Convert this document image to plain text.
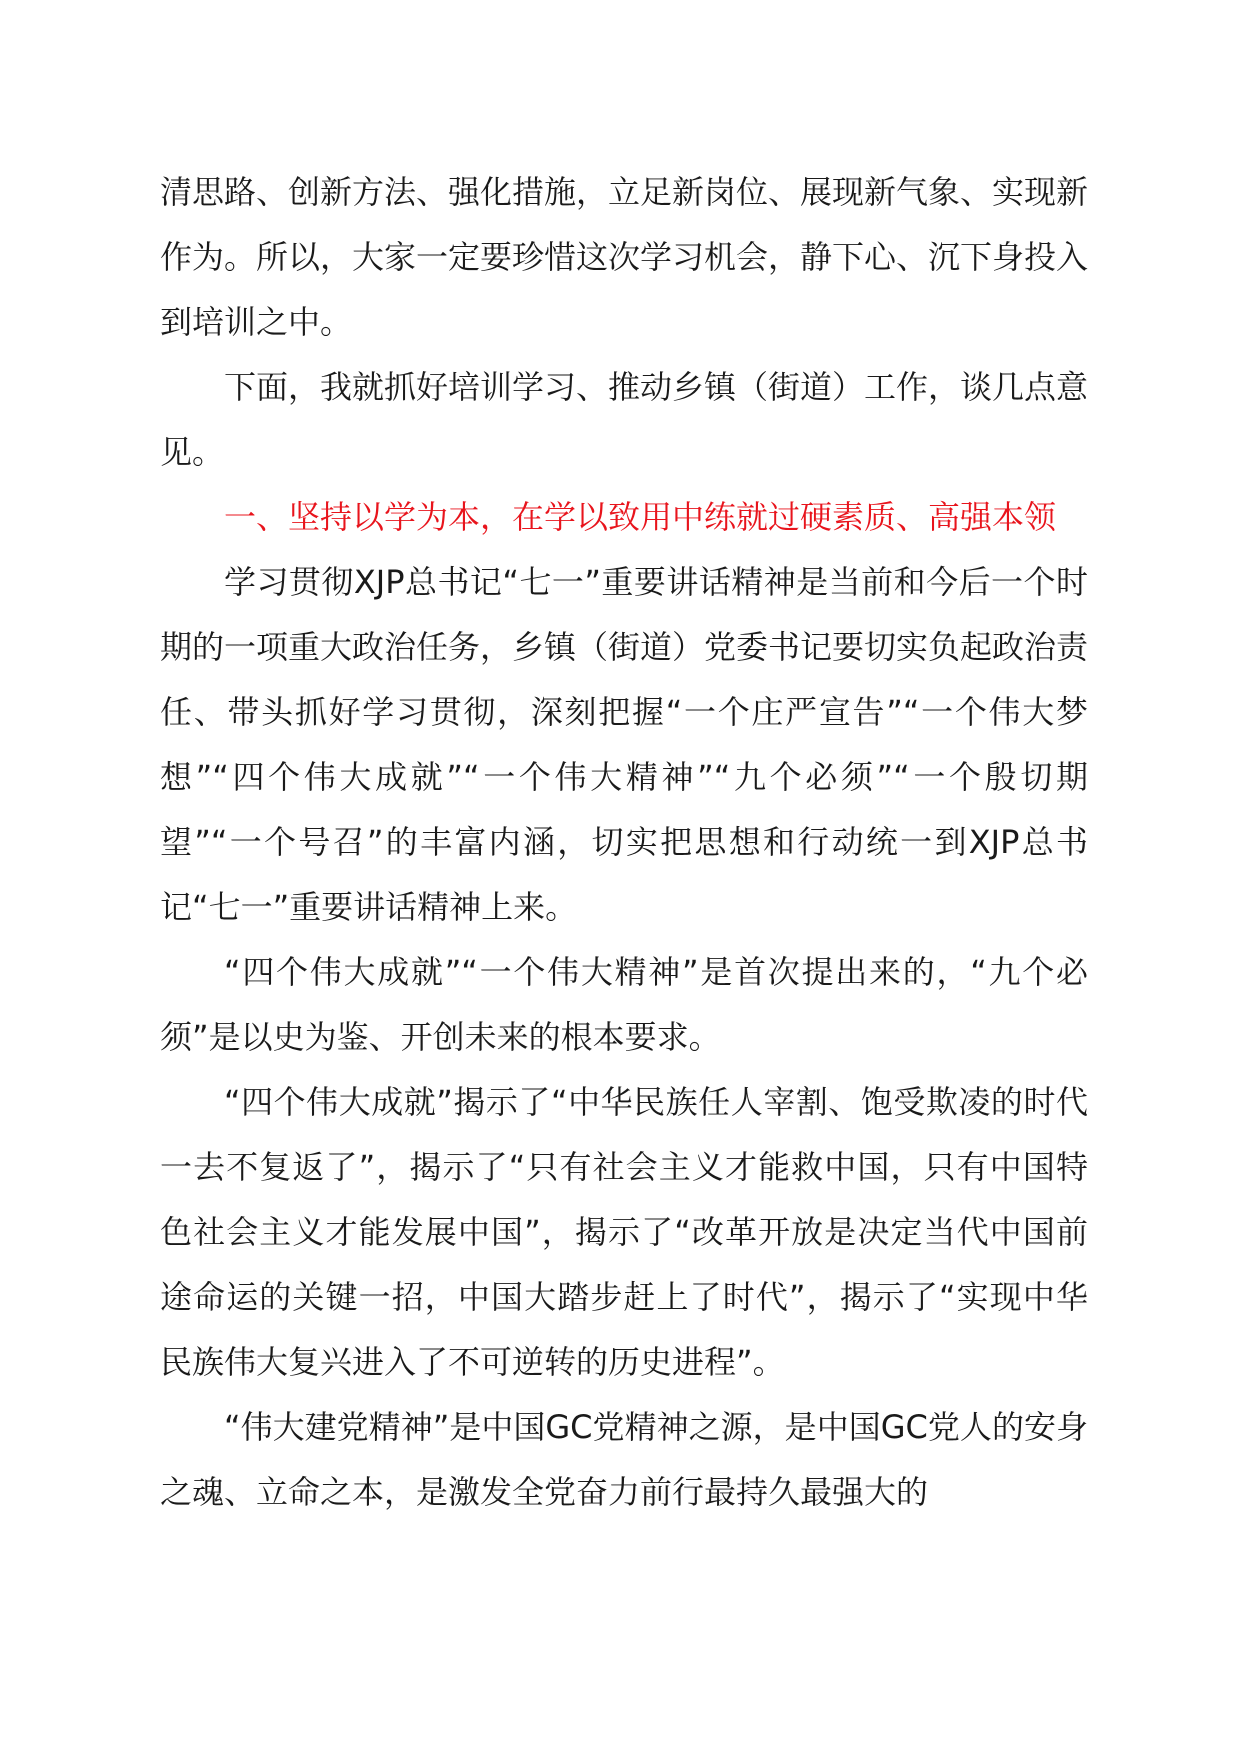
清思路、创新方法、强化措施，立足新岗位、展现新气象、实现新作为。所以，大家一定要珍惜这次学习机会，静下心、沉下身投入到培训之中。

下面，我就抓好培训学习、推动乡镇（街道）工作，谈几点意见。

一、坚持以学为本，在学以致用中练就过硬素质、高强本领

学习贯彻XJP总书记“七一”重要讲话精神是当前和今后一个时期的一项重大政治任务，乡镇（街道）党委书记要切实负起政治责任、带头抓好学习贯彻，深刻把握“一个庄严宣告”“一个伟大梦想”“四个伟大成就”“一个伟大精神”“九个必须”“一个殷切期望”“一个号召”的丰富内涵，切实把思想和行动统一到XJP总书记“七一”重要讲话精神上来。

“四个伟大成就”“一个伟大精神”是首次提出来的，“九个必须”是以史为鉴、开创未来的根本要求。

“四个伟大成就”揭示了“中华民族任人宰割、饱受欺凌的时代一去不复返了”，揭示了“只有社会主义才能救中国，只有中国特色社会主义才能发展中国”，揭示了“改革开放是决定当代中国前途命运的关键一招，中国大踏步赶上了时代”，揭示了“实现中华民族伟大复兴进入了不可逆转的历史进程”。

“伟大建党精神”是中国GC党精神之源，是中国GC党人的安身之魂、立命之本，是激发全党奋力前行最持久最强大的
